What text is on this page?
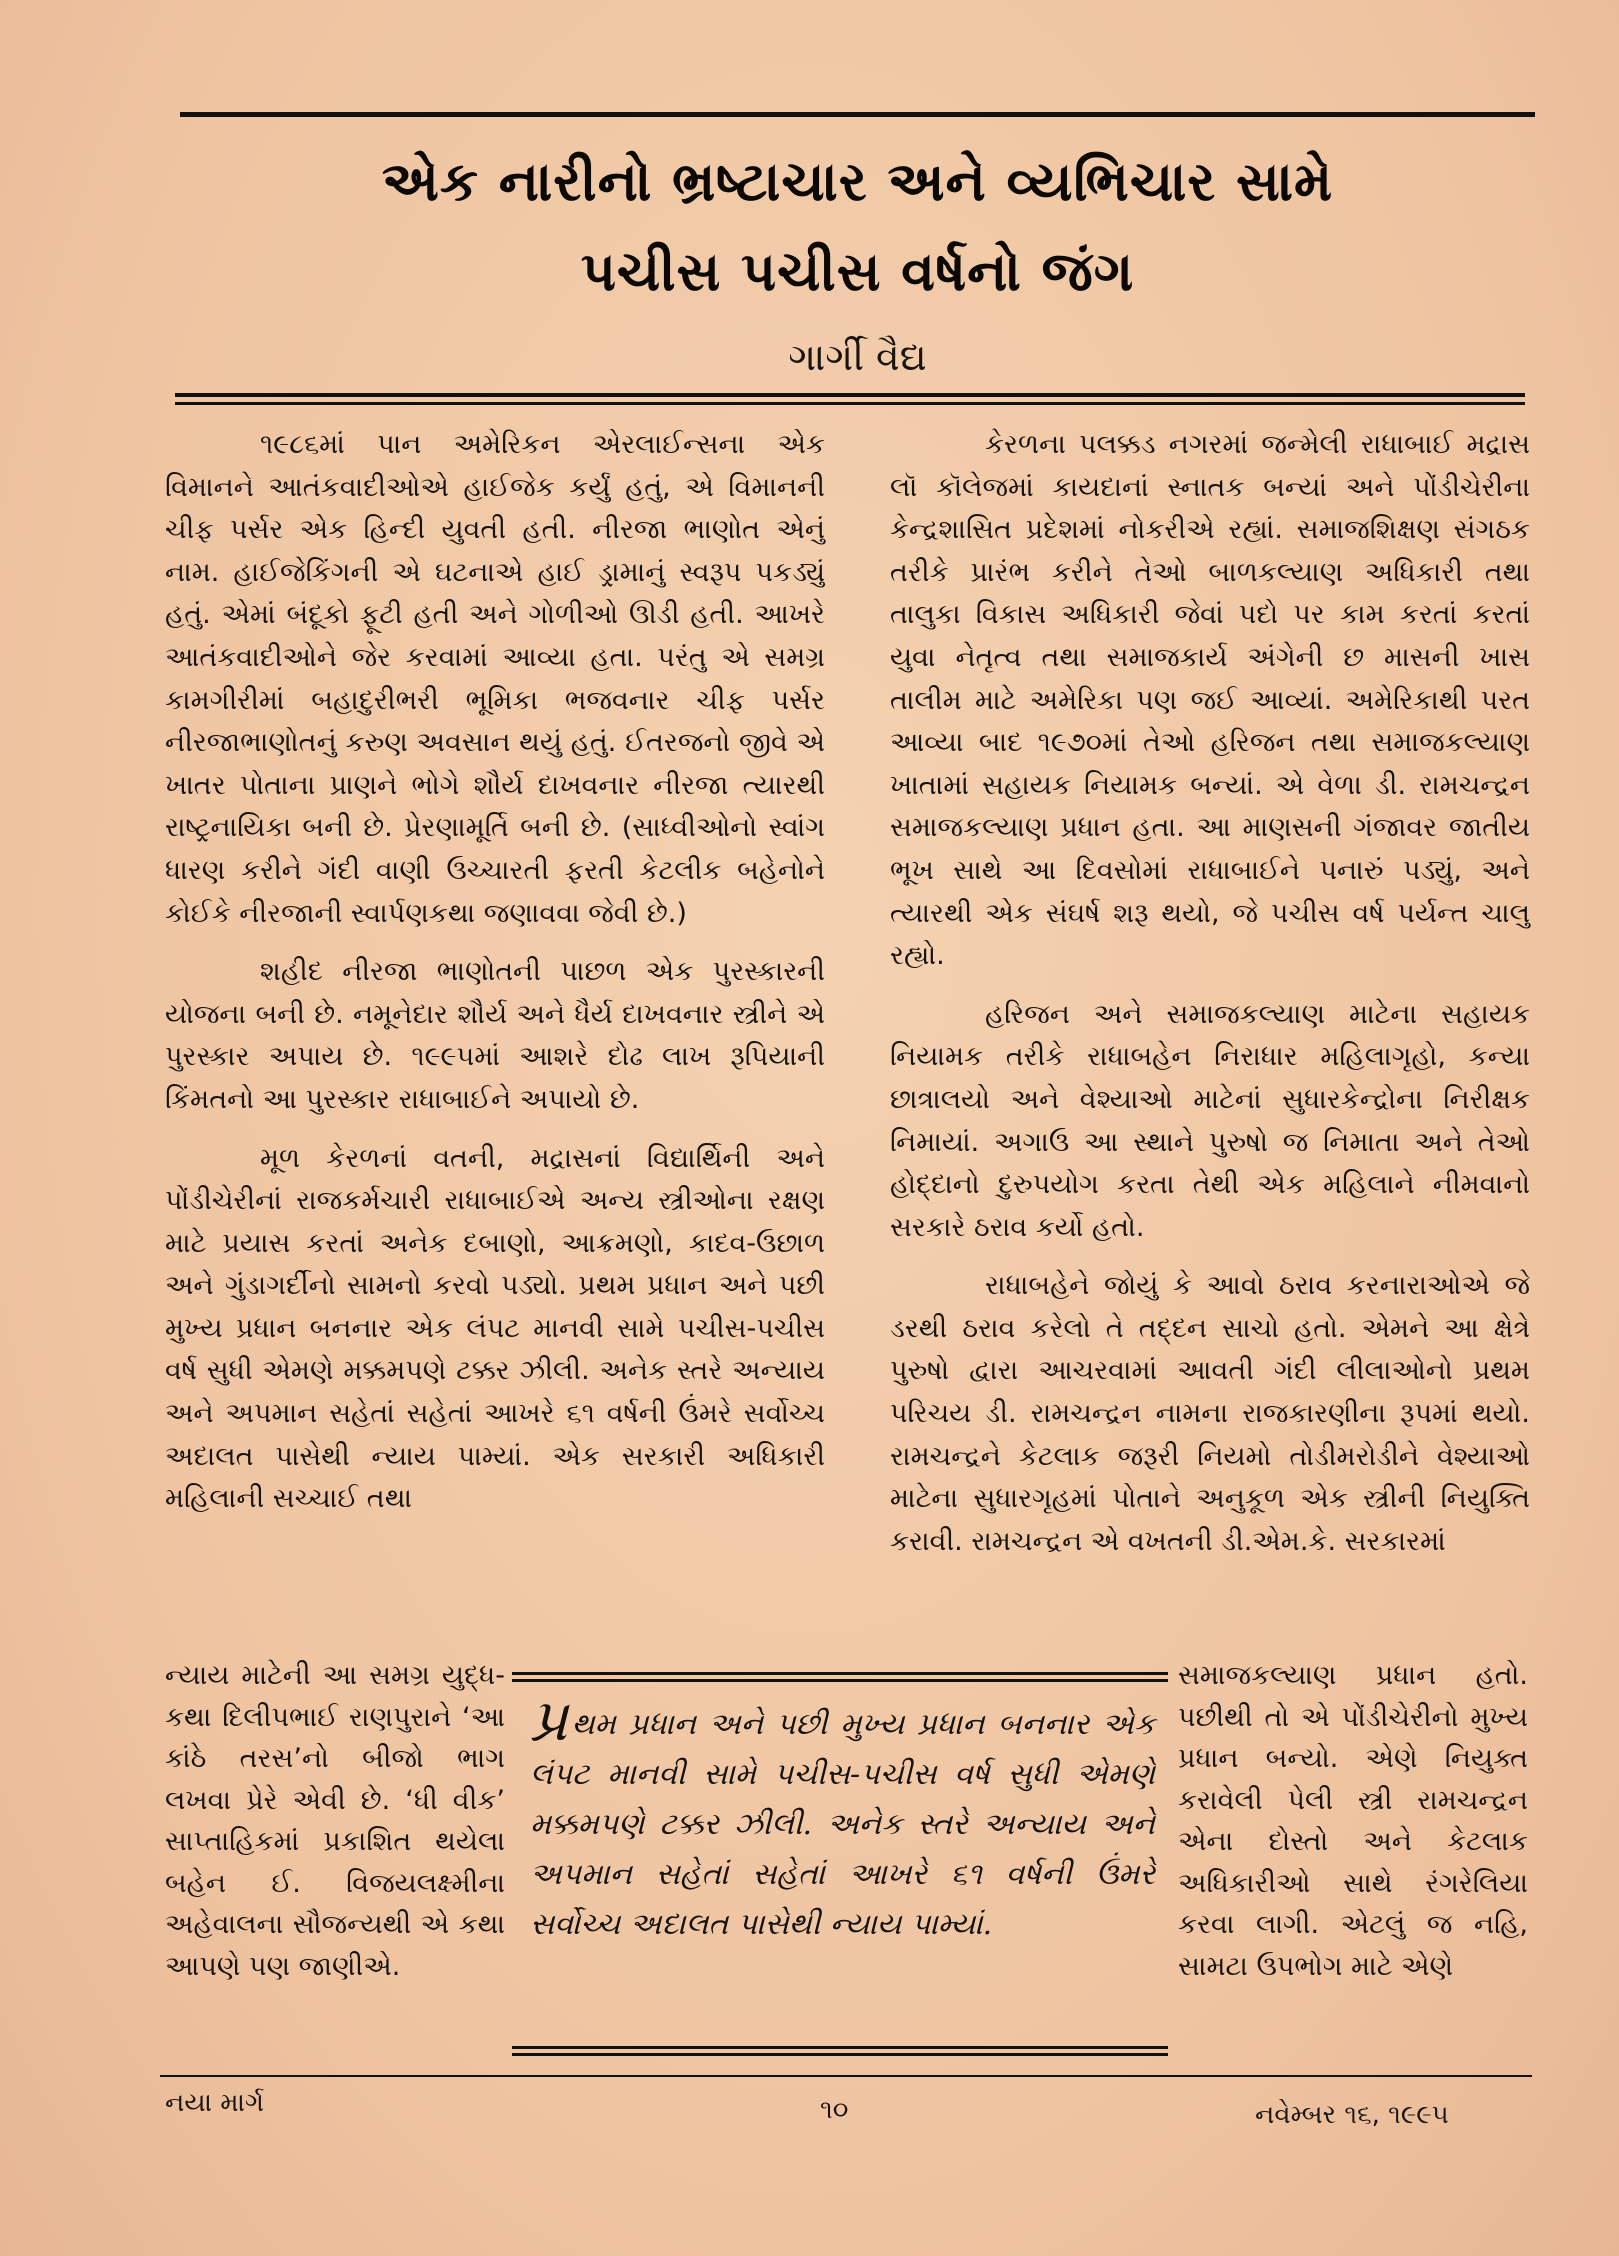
એક નારીનો ભ્રષ્ટાચાર અને વ્યભિચાર સામે
પચીસ પચીસ વર્ષનો જંગ
ગાર્ગી વૈદ્ય

૧૯૮૬માં પાન અમેરિકન એરલાઈન્સના એક વિમાનને આતંકવાદીઓએ હાઈજેક કર્યું હતું, એ વિમાનની ચીફ પર્સર એક હિન્દી યુવતી હતી. નીરજા ભાણોત એનું નામ. હાઈજેકિંગની એ ઘટનાએ હાઈ ડ્રામાનું સ્વરૂપ પકડ્યું હતું. એમાં બંદૂકો ફૂટી હતી અને ગોળીઓ ઊડી હતી. આખરે આતંકવાદીઓને જેર કરવામાં આવ્યા હતા. પરંતુ એ સમગ્ર કામગીરીમાં બહાદુરીભરી ભૂમિકા ભજવનાર ચીફ પર્સર નીરજાભાણોતનું કરુણ અવસાન થયું હતું. ઈતરજનો જીવે એ ખાતર પોતાના પ્રાણને ભોગે શૌર્ય દાખવનાર નીરજા ત્યારથી રાષ્ટ્રનાયિકા બની છે. પ્રેરણામૂર્તિ બની છે. (સાધ્વીઓનો સ્વાંગ ધારણ કરીને ગંદી વાણી ઉચ્ચારતી ફરતી કેટલીક બહેનોને કોઈકે નીરજાની સ્વાર્પણકથા જણાવવા જેવી છે.)

શહીદ નીરજા ભાણોતની પાછળ એક પુરસ્કારની યોજના બની છે. નમૂનેદાર શૌર્ય અને ધૈર્ય દાખવનાર સ્ત્રીને એ પુરસ્કાર અપાય છે. ૧૯૯૫માં આશરે દોઢ લાખ રૂપિયાની કિંમતનો આ પુરસ્કાર રાધાબાઈને અપાયો છે.

મૂળ કેરળનાં વતની, મદ્રાસનાં વિદ્યાર્થિની અને પોંડીચેરીનાં રાજકર્મચારી રાધાબાઈએ અન્ય સ્ત્રીઓના રક્ષણ માટે પ્રયાસ કરતાં અનેક દબાણો, આક્રમણો, કાદવ-ઉછાળ અને ગુંડાગર્દીનો સામનો કરવો પડ્યો. પ્રથમ પ્રધાન અને પછી મુખ્ય પ્રધાન બનનાર એક લંપટ માનવી સામે પચીસ-પચીસ વર્ષ સુધી એમણે મક્કમપણે ટક્કર ઝીલી. અનેક સ્તરે અન્યાય અને અપમાન સહેતાં સહેતાં આખરે ૬૧ વર્ષની ઉંમરે સર્વોચ્ચ અદાલત પાસેથી ન્યાય પામ્યાં. એક સરકારી અધિકારી મહિલાની સચ્ચાઈ તથા

કેરળના પલક્કડ નગરમાં જન્મેલી રાધાબાઈ મદ્રાસ લૉ કૉલેજમાં કાયદાનાં સ્નાતક બન્યાં અને પોંડીચેરીના કેન્દ્રશાસિત પ્રદેશમાં નોકરીએ રહ્યાં. સમાજશિક્ષણ સંગઠક તરીકે પ્રારંભ કરીને તેઓ બાળકલ્યાણ અધિકારી તથા તાલુકા વિકાસ અધિકારી જેવાં પદો પર કામ કરતાં કરતાં યુવા નેતૃત્વ તથા સમાજકાર્ય અંગેની છ માસની ખાસ તાલીમ માટે અમેરિકા પણ જઈ આવ્યાં. અમેરિકાથી પરત આવ્યા બાદ ૧૯૭૦માં તેઓ હરિજન તથા સમાજકલ્યાણ ખાતામાં સહાયક નિયામક બન્યાં. એ વેળા ડી. રામચન્દ્રન સમાજકલ્યાણ પ્રધાન હતા. આ માણસની ગંજાવર જાતીય ભૂખ સાથે આ દિવસોમાં રાધાબાઈને પનારું પડ્યું, અને ત્યારથી એક સંઘર્ષ શરૂ થયો, જે પચીસ વર્ષ પર્યન્ત ચાલુ રહ્યો.

હરિજન અને સમાજકલ્યાણ માટેના સહાયક નિયામક તરીકે રાધાબહેન નિરાધાર મહિલાગૃહો, કન્યા છાત્રાલયો અને વેશ્યાઓ માટેનાં સુધારકેન્દ્રોના નિરીક્ષક નિમાયાં. અગાઉ આ સ્થાને પુરુષો જ નિમાતા અને તેઓ હોદ્દાનો દુરુપયોગ કરતા તેથી એક મહિલાને નીમવાનો સરકારે ઠરાવ કર્યો હતો.

રાધાબહેને જોયું કે આવો ઠરાવ કરનારાઓએ જે ડરથી ઠરાવ કરેલો તે તદ્દન સાચો હતો. એમને આ ક્ષેત્રે પુરુષો દ્વારા આચરવામાં આવતી ગંદી લીલાઓનો પ્રથમ પરિચય ડી. રામચન્દ્રન નામના રાજકારણીના રૂપમાં થયો. રામચન્દ્રને કેટલાક જરૂરી નિયમો તોડીમરોડીને વેશ્યાઓ માટેના સુધારગૃહમાં પોતાને અનુકૂળ એક સ્ત્રીની નિયુક્તિ કરાવી. રામચન્દ્રન એ વખતની ડી.એમ.કે. સરકારમાં

ન્યાય માટેની આ સમગ્ર યુદ્ધ-કથા દિલીપભાઈ રાણપુરાને ‘આ કાંઠે તરસ’નો બીજો ભાગ લખવા પ્રેરે એવી છે. ‘ધી વીક’ સાપ્તાહિકમાં પ્રકાશિત થયેલા બહેન ઈ. વિજયલક્ષ્મીના અહેવાલના સૌજન્યથી એ કથા આપણે પણ જાણીએ.

સમાજકલ્યાણ પ્રધાન હતો. પછીથી તો એ પોંડીચેરીનો મુખ્ય પ્રધાન બન્યો. એણે નિયુક્ત કરાવેલી પેલી સ્ત્રી રામચન્દ્રન એના દોસ્તો અને કેટલાક અધિકારીઓ સાથે રંગરેલિયા કરવા લાગી. એટલું જ નહિ, સામટા ઉપભોગ માટે એણે

પ્ર થમ પ્રધાન અને પછી મુખ્ય પ્રધાન બનનાર એક લંપટ માનવી સામે પચીસ-પચીસ વર્ષ સુધી એમણે મક્કમપણે ટક્કર ઝીલી. અનેક સ્તરે અન્યાય અને અપમાન સહેતાં સહેતાં આખરે ૬૧ વર્ષની ઉંમરે સર્વોચ્ચ અદાલત પાસેથી ન્યાય પામ્યાં.
નયા માર્ગ	૧૦	નવેમ્બર ૧૬, ૧૯૯૫
